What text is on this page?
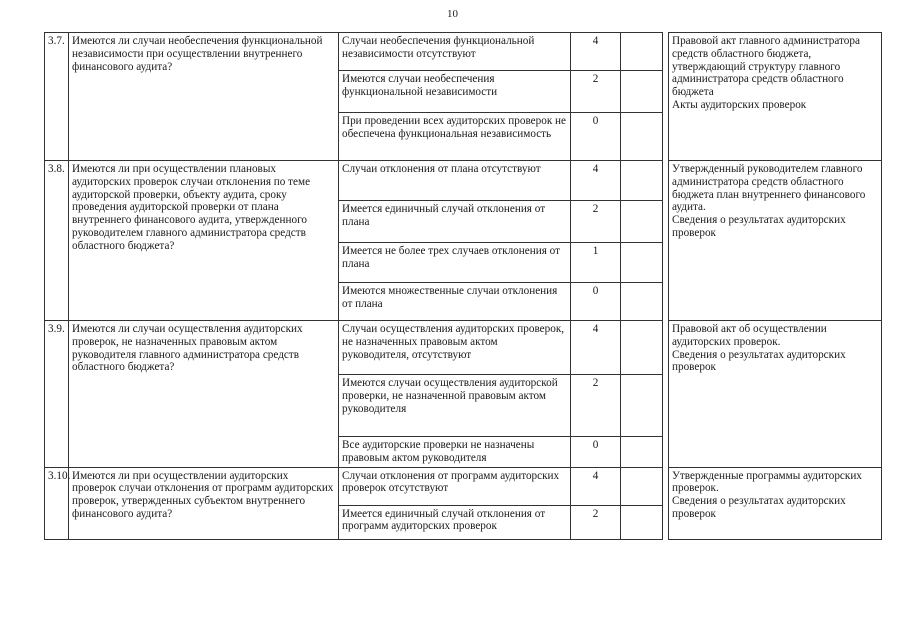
10
3.7.	Имеются ли случаи необеспечения функциональной независимости при осуществлении внутреннего финансового аудита?	Случаи необеспечения функциональной независимости отсутствуют	4			Правовой акт главного администратора средств областного бюджета, утверждающий структуру главного администратора средств областного бюджета
Акты аудиторских проверок
		Имеются случаи необеспечения функциональной независимости	2			
		При проведении всех аудиторских проверок не обеспечена функциональная независимость	0			
3.8.	Имеются ли при осуществлении плановых аудиторских проверок случаи отклонения по теме аудиторской проверки, объекту аудита, сроку проведения аудиторской проверки от плана внутреннего финансового аудита, утвержденного руководителем главного администратора средств областного бюджета?	Случаи отклонения от плана отсутствуют	4			Утвержденный руководителем главного администратора средств областного бюджета план внутреннего финансового аудита.
Сведения о результатах аудиторских проверок
		Имеется единичный случай отклонения от плана	2			
		Имеется не более трех случаев отклонения от плана	1			
		Имеются множественные случаи отклонения от плана	0			
3.9.	Имеются ли случаи осуществления аудиторских проверок, не назначенных правовым актом руководителя главного администратора средств областного бюджета?	Случаи осуществления аудиторских проверок, не назначенных правовым актом руководителя, отсутствуют	4			Правовой акт об осуществлении аудиторских проверок.
Сведения о результатах аудиторских проверок
		Имеются случаи осуществления аудиторской проверки, не назначенной правовым актом руководителя	2			
		Все аудиторские проверки не назначены правовым актом руководителя	0			
3.10.	Имеются ли при осуществлении аудиторских проверок случаи отклонения от программ аудиторских проверок, утвержденных субъектом внутреннего финансового аудита?	Случаи отклонения от программ аудиторских проверок отсутствуют	4			Утвержденные программы аудиторских проверок.
Сведения о результатах аудиторских проверок
		Имеется единичный случай отклонения от программ аудиторских проверок	2			
